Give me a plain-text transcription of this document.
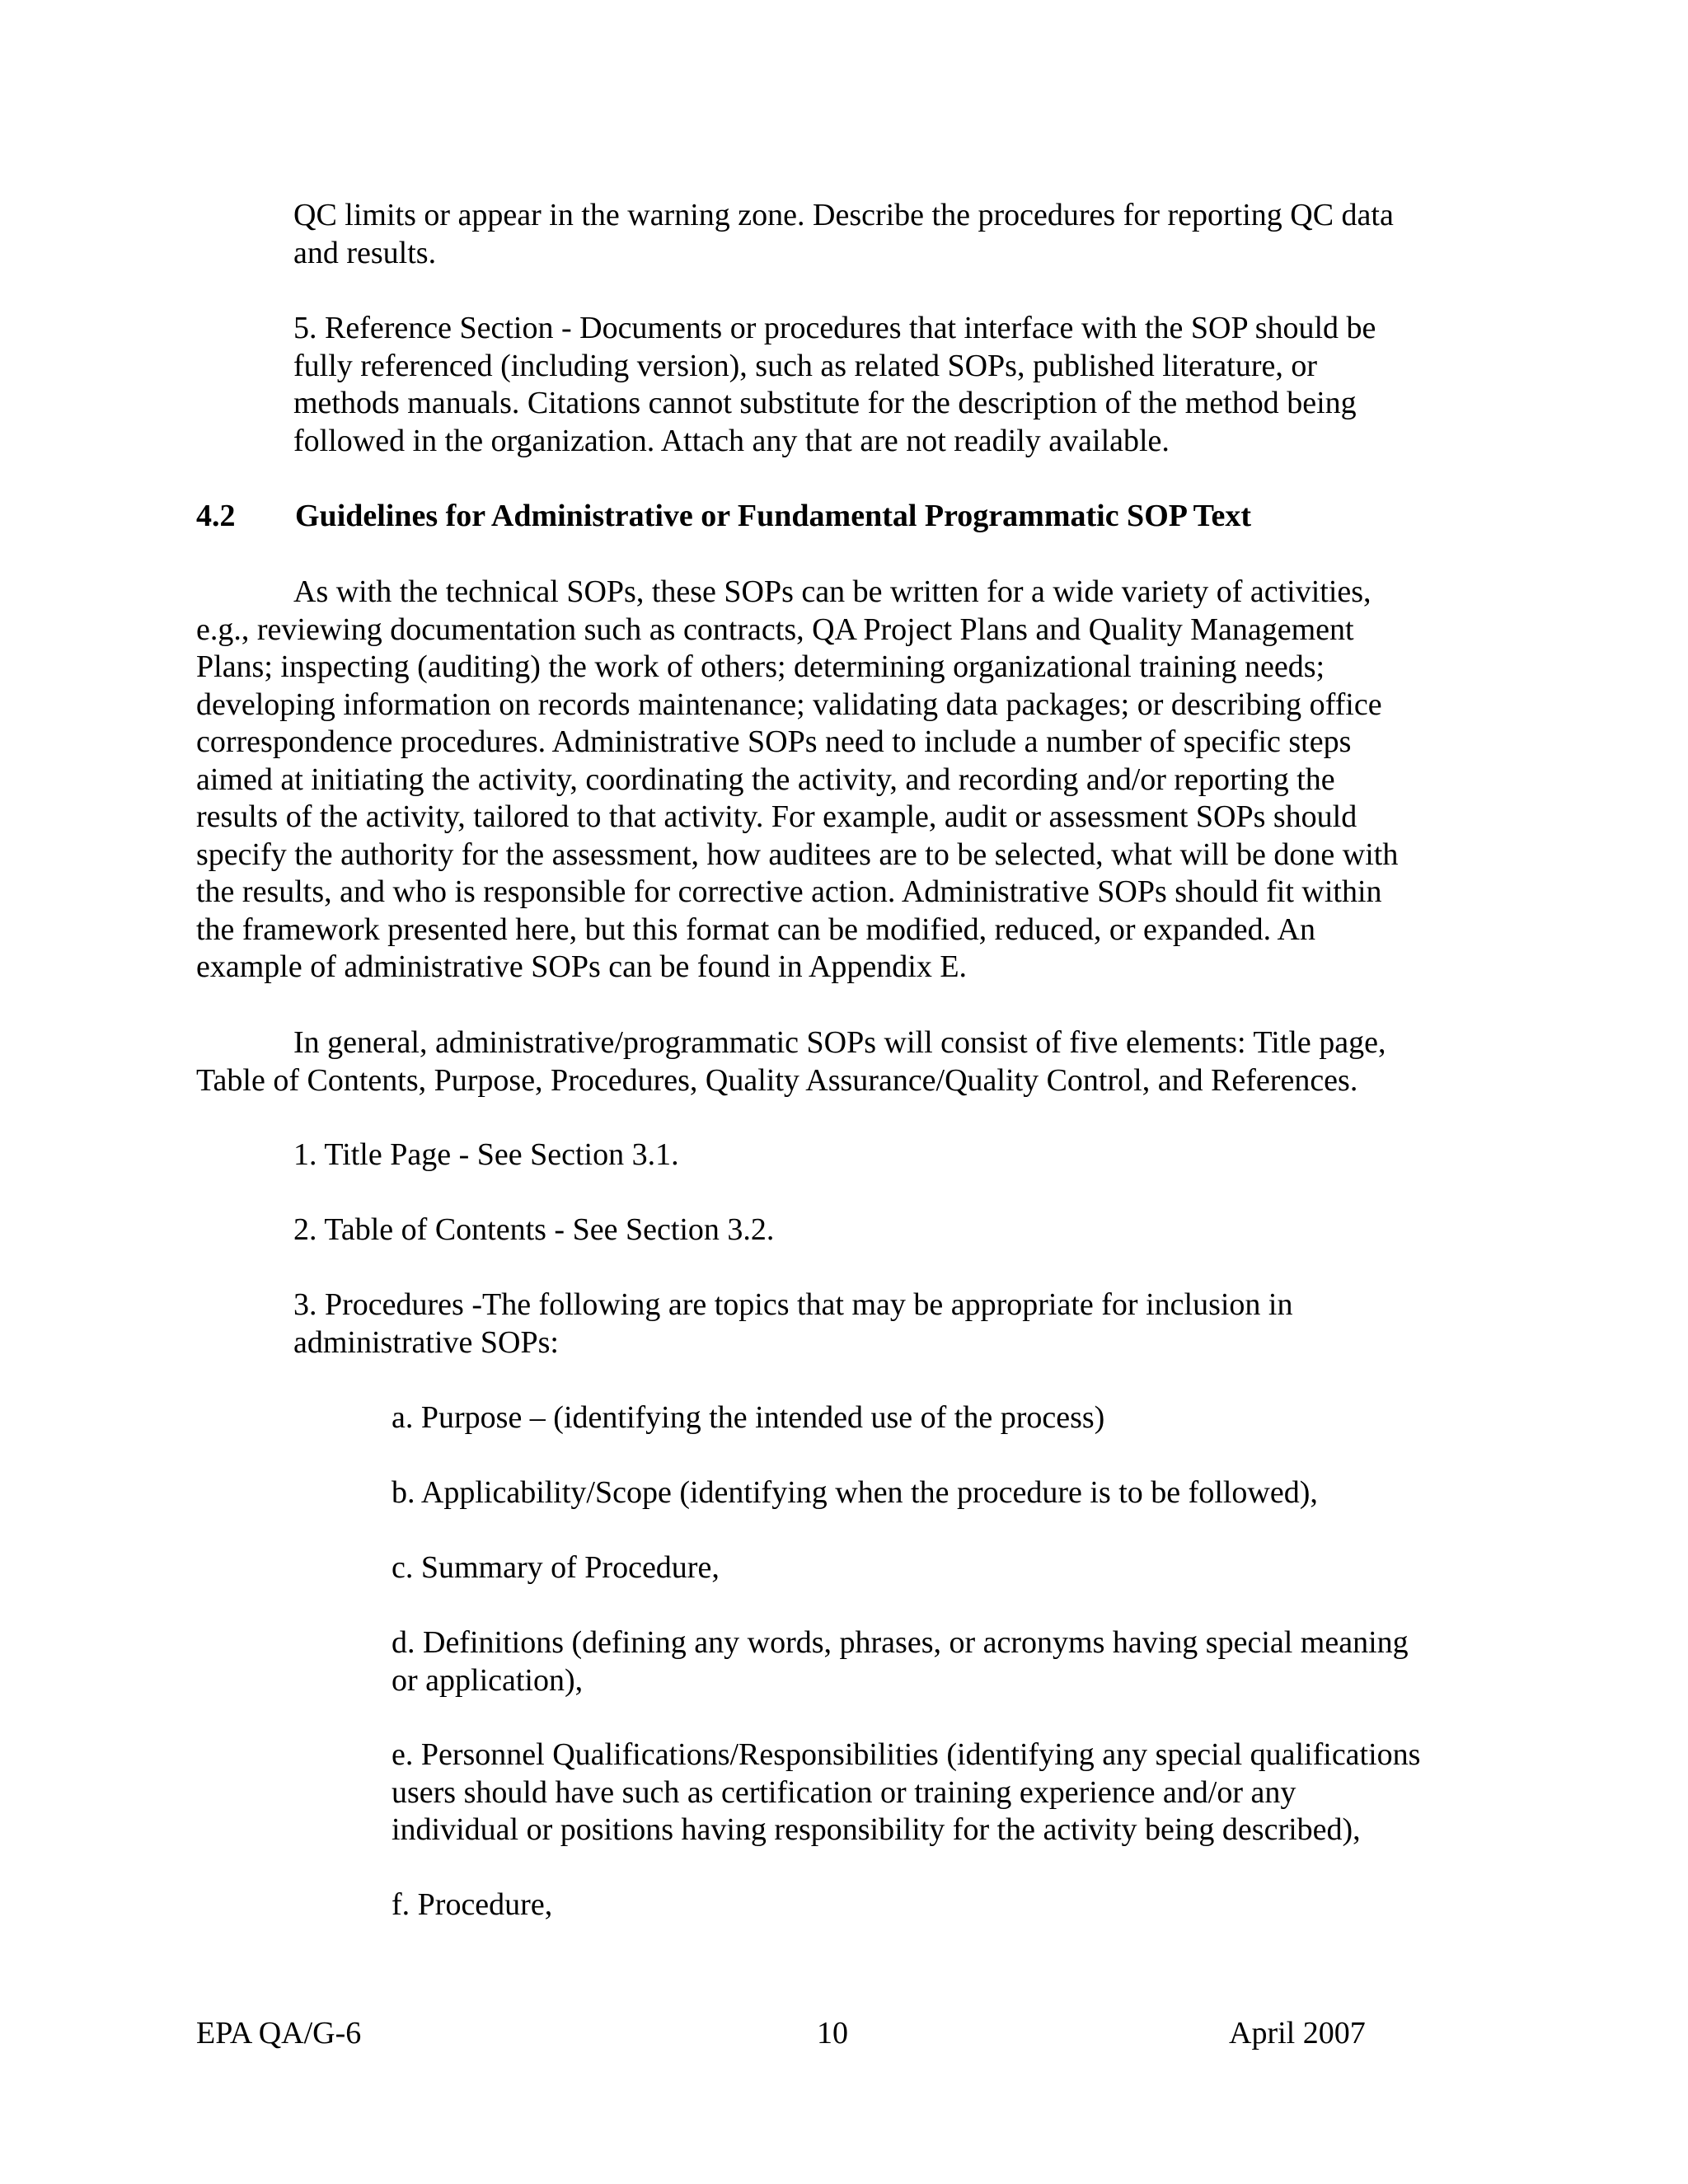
QC limits or appear in the warning zone. Describe the procedures for reporting QC data
and results.

5. Reference Section - Documents or procedures that interface with the SOP should be
fully referenced (including version), such as related SOPs, published literature, or
methods manuals. Citations cannot substitute for the description of the method being
followed in the organization. Attach any that are not readily available.

4.2 Guidelines for Administrative or Fundamental Programmatic SOP Text

As with the technical SOPs, these SOPs can be written for a wide variety of activities,
e.g., reviewing documentation such as contracts, QA Project Plans and Quality Management
Plans; inspecting (auditing) the work of others; determining organizational training needs;
developing information on records maintenance; validating data packages; or describing office
correspondence procedures. Administrative SOPs need to include a number of specific steps
aimed at initiating the activity, coordinating the activity, and recording and/or reporting the
results of the activity, tailored to that activity. For example, audit or assessment SOPs should
specify the authority for the assessment, how auditees are to be selected, what will be done with
the results, and who is responsible for corrective action. Administrative SOPs should fit within
the framework presented here, but this format can be modified, reduced, or expanded. An
example of administrative SOPs can be found in Appendix E.

In general, administrative/programmatic SOPs will consist of five elements: Title page,
Table of Contents, Purpose, Procedures, Quality Assurance/Quality Control, and References.

1. Title Page - See Section 3.1.

2. Table of Contents - See Section 3.2.

3. Procedures -The following are topics that may be appropriate for inclusion in
administrative SOPs:

a. Purpose – (identifying the intended use of the process)

b. Applicability/Scope (identifying when the procedure is to be followed),

c. Summary of Procedure,

d. Definitions (defining any words, phrases, or acronyms having special meaning
or application),

e. Personnel Qualifications/Responsibilities (identifying any special qualifications
users should have such as certification or training experience and/or any
individual or positions having responsibility for the activity being described),

f. Procedure,

EPA QA/G-6	10	April 2007
